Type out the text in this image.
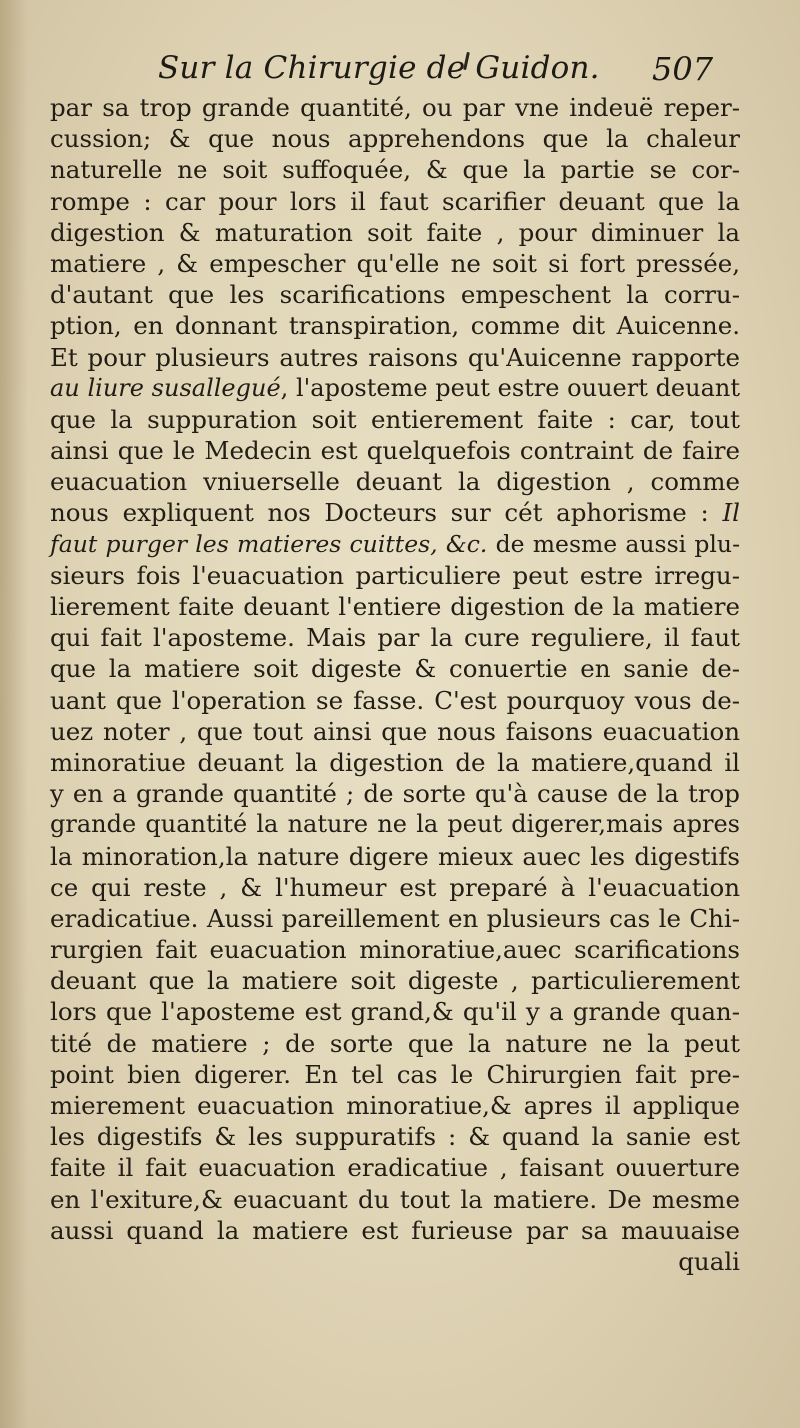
Sur la Chirurgie de Guidon. 507
par sa trop grande quantité, ou par vne indeuë reper-
cussion; & que nous apprehendons que la chaleur
naturelle ne soit suffoquée, & que la partie se cor-
rompe : car pour lors il faut scarifier deuant que la
digestion & maturation soit faite , pour diminuer la
matiere , & empescher qu'elle ne soit si fort pressée,
d'autant que les scarifications empeschent la corru-
ption, en donnant transpiration, comme dit Auicenne.
Et pour plusieurs autres raisons qu'Auicenne rapporte
au liure susallegué, l'aposteme peut estre ouuert deuant
que la suppuration soit entierement faite : car, tout
ainsi que le Medecin est quelquefois contraint de faire
euacuation vniuerselle deuant la digestion , comme
nous expliquent nos Docteurs sur cét aphorisme : Il
faut purger les matieres cuittes, &c. de mesme aussi plu-
sieurs fois l'euacuation particuliere peut estre irregu-
lierement faite deuant l'entiere digestion de la matiere
qui fait l'aposteme. Mais par la cure reguliere, il faut
que la matiere soit digeste & conuertie en sanie de-
uant que l'operation se fasse. C'est pourquoy vous de-
uez noter , que tout ainsi que nous faisons euacuation
minoratiue deuant la digestion de la matiere,quand il
y en a grande quantité ; de sorte qu'à cause de la trop
grande quantité la nature ne la peut digerer,mais apres
la minoration,la nature digere mieux auec les digestifs
ce qui reste , & l'humeur est preparé à l'euacuation
eradicatiue. Aussi pareillement en plusieurs cas le Chi-
rurgien fait euacuation minoratiue,auec scarifications
deuant que la matiere soit digeste , particulierement
lors que l'aposteme est grand,& qu'il y a grande quan-
tité de matiere ; de sorte que la nature ne la peut
point bien digerer. En tel cas le Chirurgien fait pre-
mierement euacuation minoratiue,& apres il applique
les digestifs & les suppuratifs : & quand la sanie est
faite il fait euacuation eradicatiue , faisant ouuerture
en l'exiture,& euacuant du tout la matiere. De mesme
aussi quand la matiere est furieuse par sa mauuaise
quali
